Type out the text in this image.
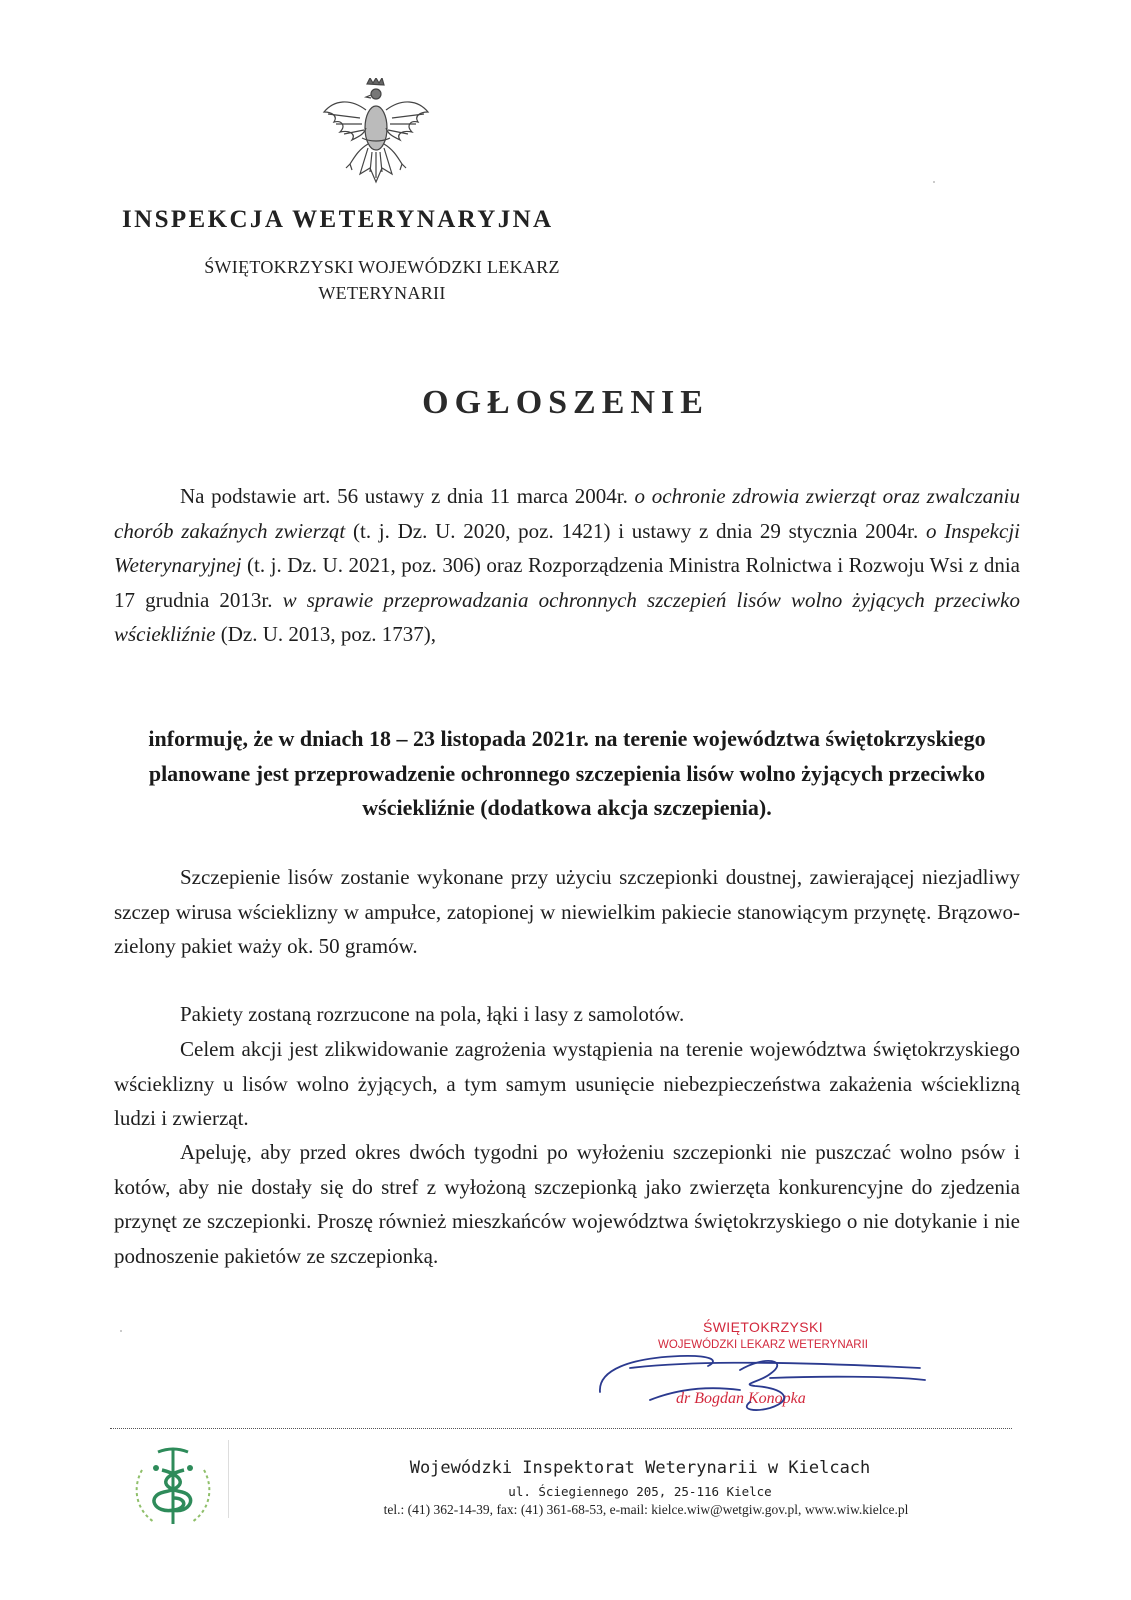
INSPEKCJA WETERYNARYJNA
ŚWIĘTOKRZYSKI WOJEWÓDZKI LEKARZ
WETERYNARII
OGŁOSZENIE
Na podstawie art. 56 ustawy z dnia 11 marca 2004r. o ochronie zdrowia zwierząt oraz zwalczaniu chorób zakaźnych zwierząt (t. j. Dz. U. 2020, poz. 1421) i ustawy z dnia 29 stycznia 2004r. o Inspekcji Weterynaryjnej (t. j. Dz. U. 2021, poz. 306) oraz Rozporządzenia Ministra Rolnictwa i Rozwoju Wsi z dnia 17 grudnia 2013r. w sprawie przeprowadzania ochronnych szczepień lisów wolno żyjących przeciwko wściekliźnie (Dz. U. 2013, poz. 1737),
informuję, że w dniach 18 – 23 listopada 2021r. na terenie województwa świętokrzyskiego planowane jest przeprowadzenie ochronnego szczepienia lisów wolno żyjących przeciwko wściekliźnie (dodatkowa akcja szczepienia).
Szczepienie lisów zostanie wykonane przy użyciu szczepionki doustnej, zawierającej niezjadliwy szczep wirusa wścieklizny w ampułce, zatopionej w niewielkim pakiecie stanowiącym przynętę. Brązowo-zielony pakiet waży ok. 50 gramów.
Pakiety zostaną rozrzucone na pola, łąki i lasy z samolotów.
Celem akcji jest zlikwidowanie zagrożenia wystąpienia na terenie województwa świętokrzyskiego wścieklizny u lisów wolno żyjących, a tym samym usunięcie niebezpieczeństwa zakażenia wścieklizną ludzi i zwierząt.
Apeluję, aby przed okres dwóch tygodni po wyłożeniu szczepionki nie puszczać wolno psów i kotów, aby nie dostały się do stref z wyłożoną szczepionką jako zwierzęta konkurencyjne do zjedzenia przynęt ze szczepionki. Proszę również mieszkańców województwa świętokrzyskiego o nie dotykanie i nie podnoszenie pakietów ze szczepionką.
ŚWIĘTOKRZYSKI
WOJEWÓDZKI LEKARZ WETERYNARII
dr Bogdan Konopka
Wojewódzki Inspektorat Weterynarii w Kielcach
ul. Ściegiennego 205, 25-116 Kielce
tel.: (41) 362-14-39, fax: (41) 361-68-53, e-mail: kielce.wiw@wetgiw.gov.pl, www.wiw.kielce.pl
